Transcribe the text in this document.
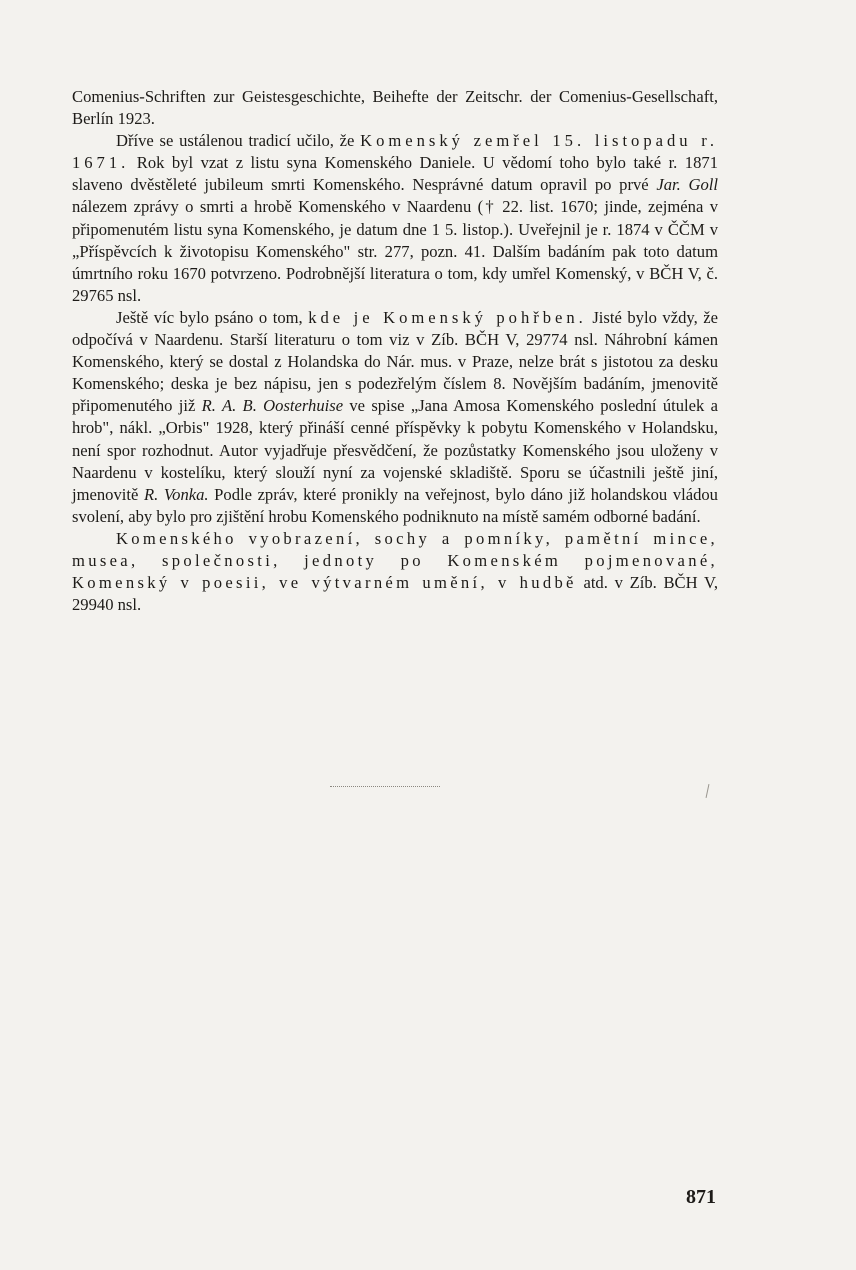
Comenius-Schriften zur Geistesgeschichte, Beihefte der Zeitschr. der Comenius-Gesellschaft, Berlín 1923.

Dříve se ustálenou tradicí učilo, že Komenský zemřel 15. listopadu r. 1671. Rok byl vzat z listu syna Komenského Daniele. U vědomí toho bylo také r. 1871 slaveno dvěstěleté jubileum smrti Komenského. Nesprávné datum opravil po prvé Jar. Goll nálezem zprávy o smrti a hrobě Komenského v Naardenu († 22. list. 1670; jinde, zejména v připomenutém listu syna Komenského, je datum dne 1 5. listop.). Uveřejnil je r. 1874 v ČČM v „Příspěvcích k životopisu Komenského" str. 277, pozn. 41. Dalším badáním pak toto datum úmrtního roku 1670 potvrzeno. Podrobnější literatura o tom, kdy umřel Komenský, v BČH V, č. 29765 nsl.

Ještě víc bylo psáno o tom, kde je Komenský pohřben. Jisté bylo vždy, že odpočívá v Naardenu. Starší literaturu o tom viz v Zíb. BČH V, 29774 nsl. Náhrobní kámen Komenského, který se dostal z Holandska do Nár. mus. v Praze, nelze brát s jistotou za desku Komenského; deska je bez nápisu, jen s podezřelým číslem 8. Novějším badáním, jmenovitě připomenutého již R. A. B. Oosterhuise ve spise „Jana Amosa Komenského poslední útulek a hrob", nákl. „Orbis" 1928, který přináší cenné příspěvky k pobytu Komenského v Holandsku, není spor rozhodnut. Autor vyjadřuje přesvědčení, že pozůstatky Komenského jsou uloženy v Naardenu v kostelíku, který slouží nyní za vojenské skladiště. Sporu se účastnili ještě jiní, jmenovitě R. Vonka. Podle zpráv, které pronikly na veřejnost, bylo dáno již holandskou vládou svolení, aby bylo pro zjištění hrobu Komenského podniknuto na místě samém odborné badání.

Komenského vyobrazení, sochy a pomníky, pamětní mince, musea, společnosti, jednoty po Komenském pojmenované, Komenský v poesii, ve výtvarném umění, v hudbě atd. v Zíb. BČH V, 29940 nsl.

871
